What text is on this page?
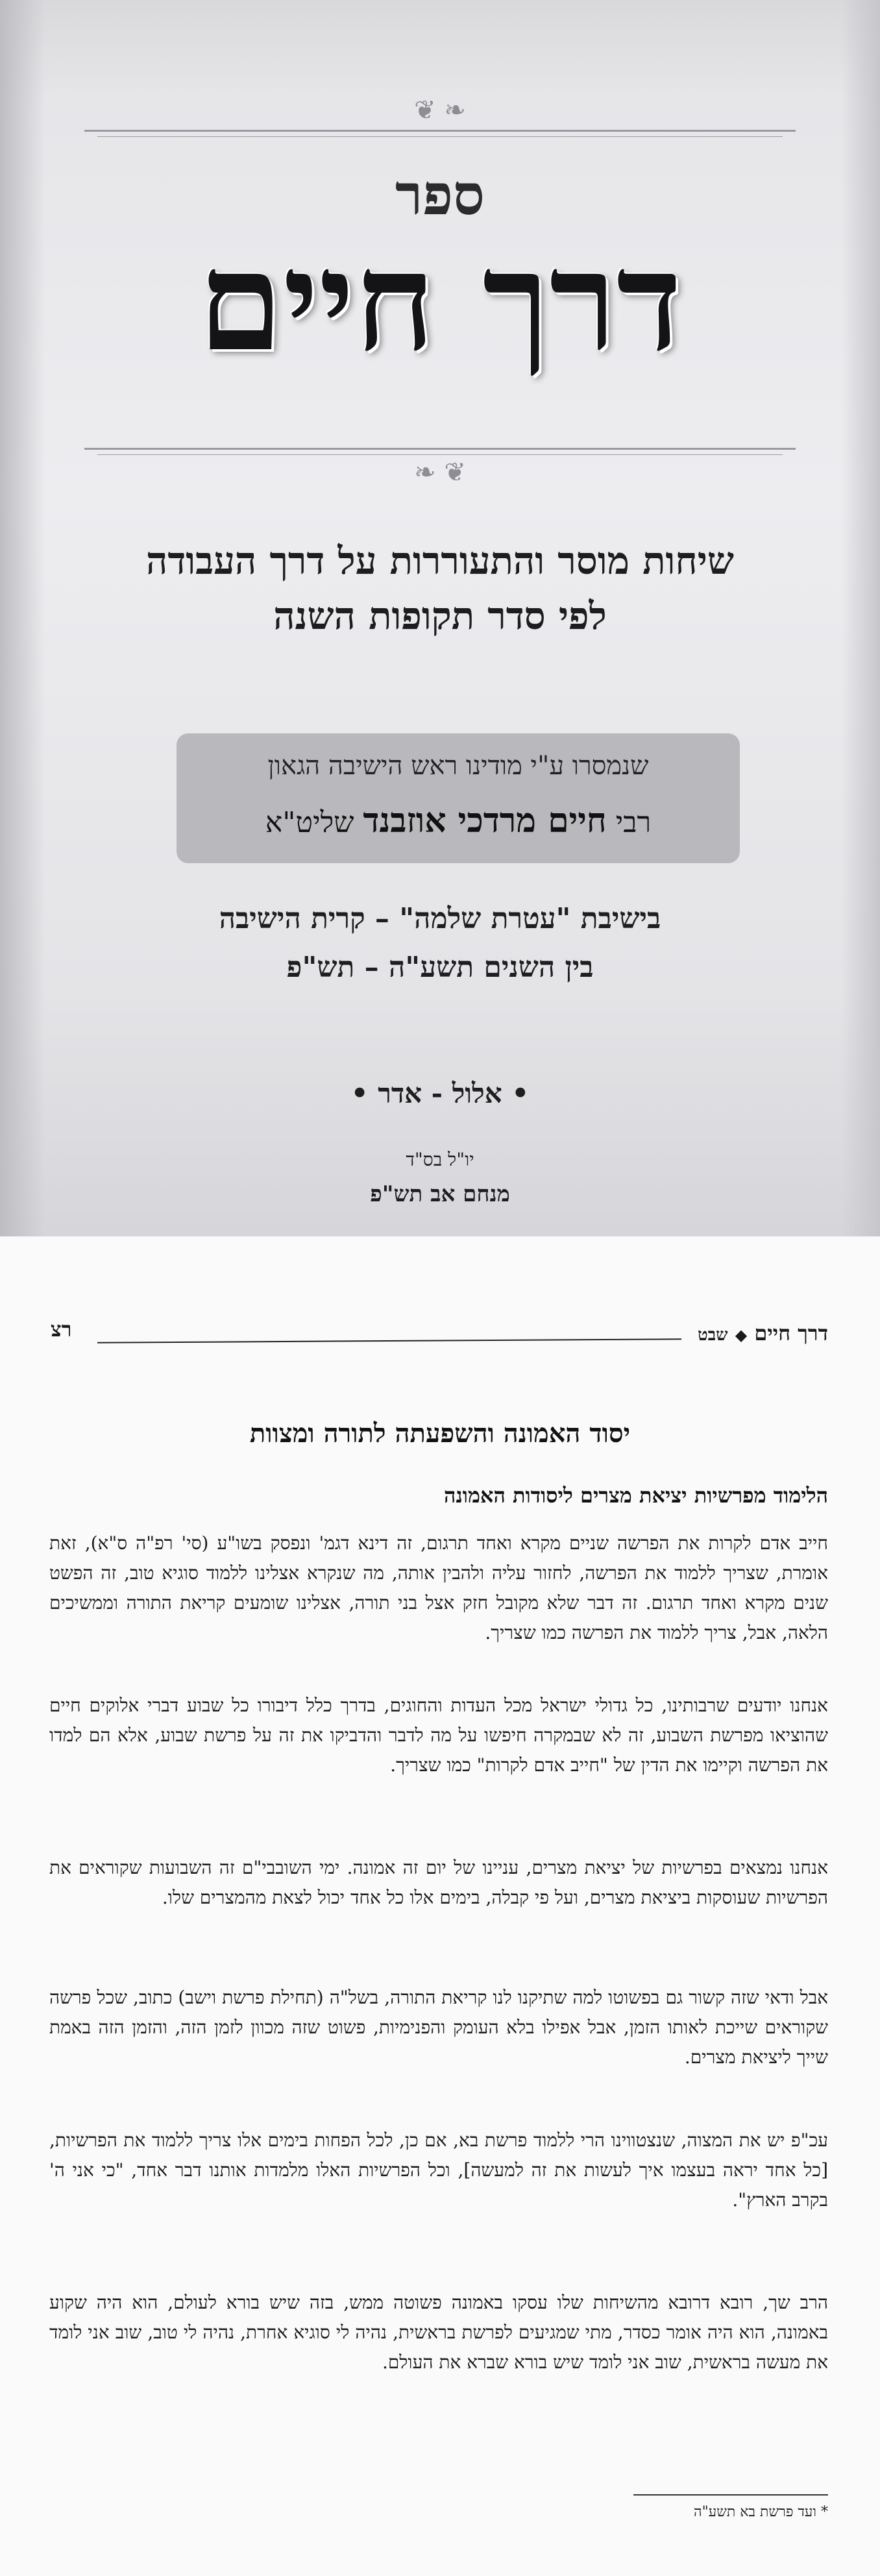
❦ ❧
ספר
דרך חיים
❧ ❦
שיחות מוסר והתעוררות על דרך העבודה
לפי סדר תקופות השנה
שנמסרו ע"י מודינו ראש הישיבה הגאון
רבי חיים מרדכי אוזבנד שליט"א
בישיבת "עטרת שלמה" – קרית הישיבה
בין השנים תשע"ה – תש"פ
• אלול - אדר •
יו"ל בס"ד
מנחם אב תש"פ
דרך חיים ◆ שבט
רצ
יסוד האמונה והשפעתה לתורה ומצוות
הלימוד מפרשיות יציאת מצרים ליסודות האמונה
חייב אדם לקרות את הפרשה שניים מקרא ואחד תרגום, זה דינא דגמ' ונפסק בשו"ע (סי' רפ"ה ס"א), זאת אומרת, שצריך ללמוד את הפרשה, לחזור עליה ולהבין אותה, מה שנקרא אצלינו ללמוד סוגיא טוב, זה הפשט שנים מקרא ואחד תרגום. זה דבר שלא מקובל חזק אצל בני תורה, אצלינו שומעים קריאת התורה וממשיכים הלאה, אבל, צריך ללמוד את הפרשה כמו שצריך.
אנחנו יודעים שרבותינו, כל גדולי ישראל מכל העדות והחוגים, בדרך כלל דיבורו כל שבוע דברי אלוקים חיים שהוציאו מפרשת השבוע, זה לא שבמקרה חיפשו על מה לדבר והדביקו את זה על פרשת שבוע, אלא הם למדו את הפרשה וקיימו את הדין של "חייב אדם לקרות" כמו שצריך.
אנחנו נמצאים בפרשיות של יציאת מצרים, עניינו של יום זה אמונה. ימי השובבי"ם זה השבועות שקוראים את הפרשיות שעוסקות ביציאת מצרים, ועל פי קבלה, בימים אלו כל אחד יכול לצאת מהמצרים שלו.
אבל ודאי שזה קשור גם בפשוטו למה שתיקנו לנו קריאת התורה, בשל"ה (תחילת פרשת וישב) כתוב, שכל פרשה שקוראים שייכת לאותו הזמן, אבל אפילו בלא העומק והפנימיות, פשוט שזה מכוון לזמן הזה, והזמן הזה באמת שייך ליציאת מצרים.
עכ"פ יש את המצוה, שנצטווינו הרי ללמוד פרשת בא, אם כן, לכל הפחות בימים אלו צריך ללמוד את הפרשיות, [כל אחד יראה בעצמו איך לעשות את זה למעשה], וכל הפרשיות האלו מלמדות אותנו דבר אחד, "כי אני ה' בקרב הארץ".
הרב שך, רובא דרובא מהשיחות שלו עסקו באמונה פשוטה ממש, בזה שיש בורא לעולם, הוא היה שקוע באמונה, הוא היה אומר כסדר, מתי שמגיעים לפרשת בראשית, נהיה לי סוגיא אחרת, נהיה לי טוב, שוב אני לומד את מעשה בראשית, שוב אני לומד שיש בורא שברא את העולם.
* ועד פרשת בא תשע"ה
